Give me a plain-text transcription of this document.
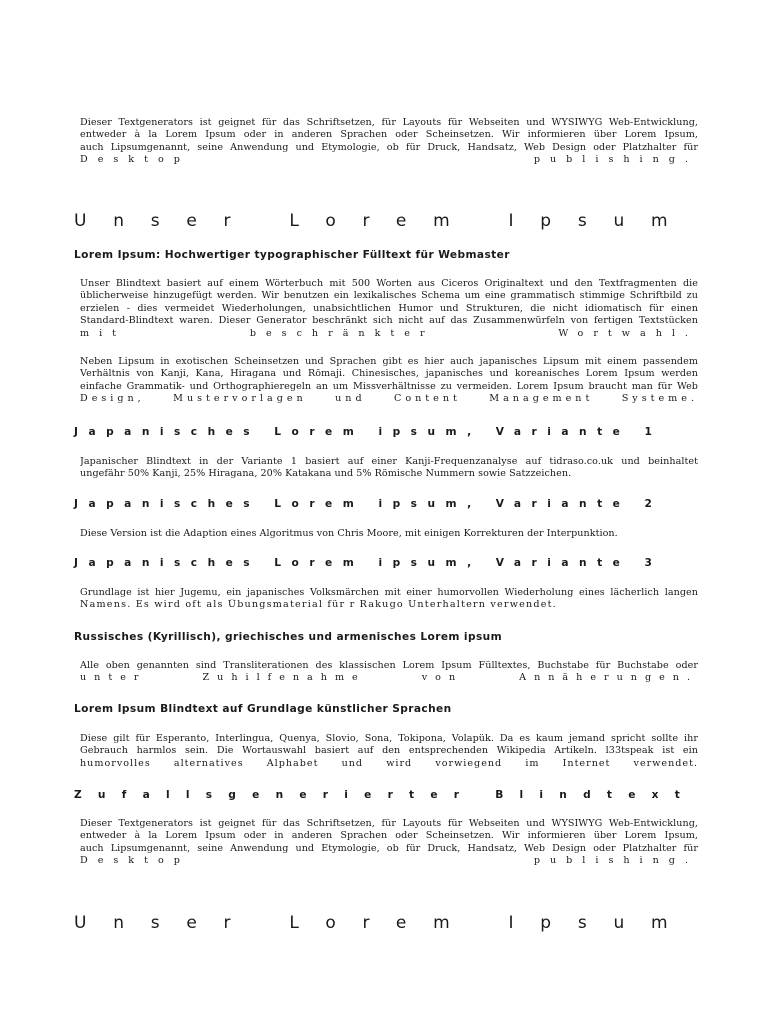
Dieser Textgenerators ist geignet für das Schriftsetzen, für Layouts für Webseiten und WYSIWYG Web-Entwicklung,
entweder à la Lorem Ipsum oder in anderen Sprachen oder Scheinsetzen. Wir informieren über Lorem Ipsum,
auch Lipsumgenannt, seine Anwendung und Etymologie, ob für Druck, Handsatz, Web Design oder Platzhalter für
Desktop publishing.

Unser Lorem Ipsum
Lorem Ipsum: Hochwertiger typographischer Fülltext für Webmaster

Unser Blindtext basiert auf einem Wörterbuch mit 500 Worten aus Ciceros Originaltext und den Textfragmenten die
üblicherweise hinzugefügt werden. Wir benutzen ein lexikalisches Schema um eine grammatisch stimmige Schriftbild zu
erzielen - dies vermeidet Wiederholungen, unabsichtlichen Humor und Strukturen, die nicht idiomatisch für einen
Standard-Blindtext waren. Dieser Generator beschränkt sich nicht auf das Zusammenwürfeln von fertigen Textstücken
mit beschränkter Wortwahl.

Neben Lipsum in exotischen Scheinsetzen und Sprachen gibt es hier auch japanisches Lipsum mit einem passendem
Verhältnis von Kanji, Kana, Hiragana und Rōmaji. Chinesisches, japanisches und koreanisches Lorem Ipsum werden
einfache Grammatik- und Orthographieregeln an um Missverhältnisse zu vermeiden. Lorem Ipsum braucht man für Web
Design, Mustervorlagen und Content Management Systeme.

Japanisches Lorem ipsum, Variante 1

Japanischer Blindtext in der Variante 1 basiert auf einer Kanji-Frequenzanalyse auf tidraso.co.uk und beinhaltet
ungefähr 50% Kanji, 25% Hiragana, 20% Katakana und 5% Römische Nummern sowie Satzzeichen.

Japanisches Lorem ipsum, Variante 2

Diese Version ist die Adaption eines Algoritmus von Chris Moore, mit einigen Korrekturen der Interpunktion.

Japanisches Lorem ipsum, Variante 3

Grundlage ist hier Jugemu, ein japanisches Volksmärchen mit einer humorvollen Wiederholung eines lächerlich langen
Namens. Es wird oft als Übungsmaterial für r Rakugo Unterhaltern verwendet.

Russisches (Kyrillisch), griechisches und armenisches Lorem ipsum

Alle oben genannten sind Transliterationen des klassischen Lorem Ipsum Fülltextes, Buchstabe für Buchstabe oder
unter Zuhilfenahme von Annäherungen.

Lorem Ipsum Blindtext auf Grundlage künstlicher Sprachen

Diese gilt für Esperanto, Interlingua, Quenya, Slovio, Sona, Tokipona, Volapük. Da es kaum jemand spricht sollte ihr
Gebrauch harmlos sein. Die Wortauswahl basiert auf den entsprechenden Wikipedia Artikeln. l33tspeak ist ein
humorvolles alternatives Alphabet und wird vorwiegend im Internet verwendet.

Zufallsgenerierter Blindtext

Dieser Textgenerators ist geignet für das Schriftsetzen, für Layouts für Webseiten und WYSIWYG Web-Entwicklung,
entweder à la Lorem Ipsum oder in anderen Sprachen oder Scheinsetzen. Wir informieren über Lorem Ipsum,
auch Lipsumgenannt, seine Anwendung und Etymologie, ob für Druck, Handsatz, Web Design oder Platzhalter für
Desktop publishing.

Unser Lorem Ipsum
